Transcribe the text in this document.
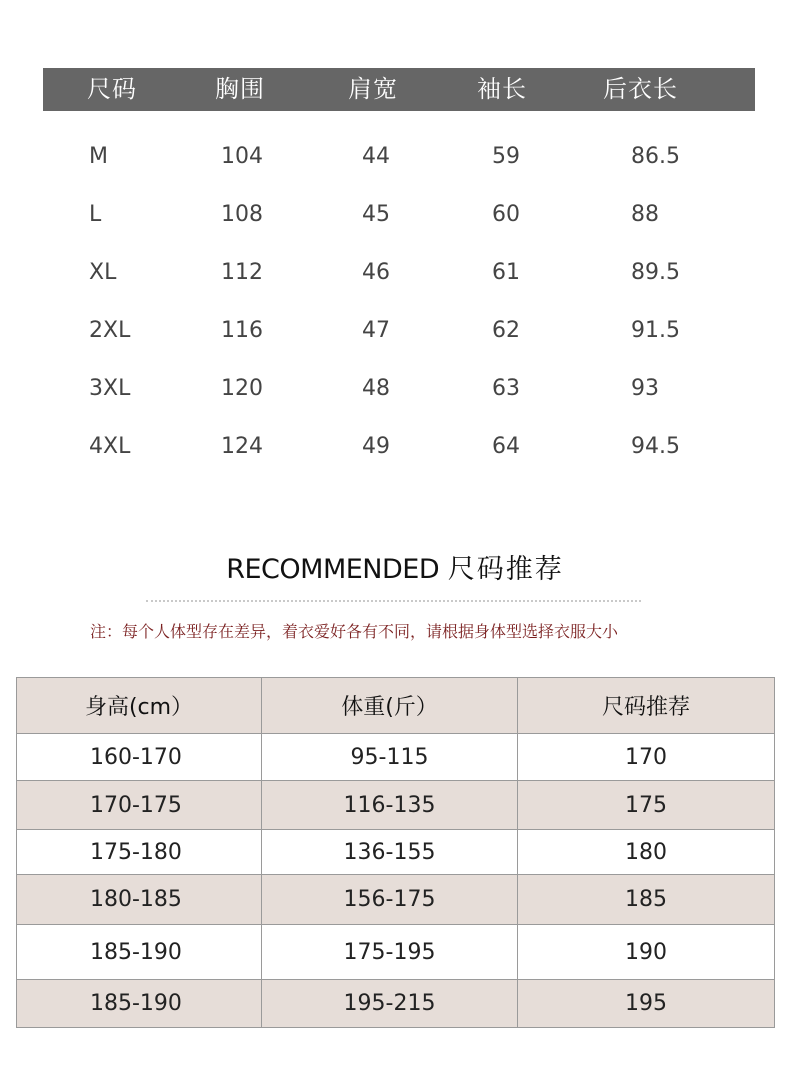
尺码	胸围	肩宽	袖长	后衣长
M	104	44	59	86.5
L	108	45	60	88
XL	112	46	61	89.5
2XL	116	47	62	91.5
3XL	120	48	63	93
4XL	124	49	64	94.5
RECOMMENDED 尺码推荐
注：每个人体型存在差异，着衣爱好各有不同，请根据身体型选择衣服大小
身高(cm）	体重(斤）	尺码推荐
160-170	95-115	170
170-175	116-135	175
175-180	136-155	180
180-185	156-175	185
185-190	175-195	190
185-190	195-215	195
